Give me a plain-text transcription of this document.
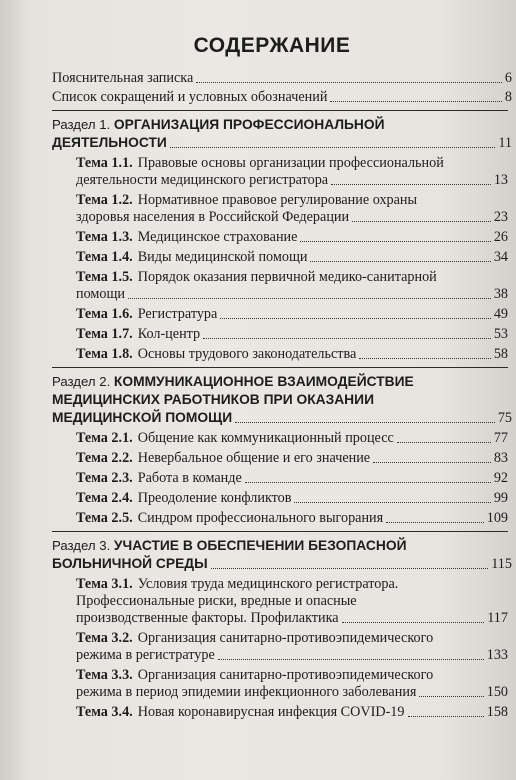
СОДЕРЖАНИЕ
Пояснительная записка	6
Список сокращений и условных обозначений	8
Раздел 1. ОРГАНИЗАЦИЯ ПРОФЕССИОНАЛЬНОЙ
ДЕЯТЕЛЬНОСТИ	11
Тема 1.1. Правовые основы организации профессиональной
деятельности медицинского регистратора	13
Тема 1.2. Нормативное правовое регулирование охраны
здоровья населения в Российской Федерации	23
Тема 1.3. Медицинское страхование	26
Тема 1.4. Виды медицинской помощи	34
Тема 1.5. Порядок оказания первичной медико-санитарной
помощи	38
Тема 1.6. Регистратура	49
Тема 1.7. Кол-центр	53
Тема 1.8. Основы трудового законодательства	58
Раздел 2. КОММУНИКАЦИОННОЕ ВЗАИМОДЕЙСТВИЕ
МЕДИЦИНСКИХ РАБОТНИКОВ ПРИ ОКАЗАНИИ
МЕДИЦИНСКОЙ ПОМОЩИ	75
Тема 2.1. Общение как коммуникационный процесс	77
Тема 2.2. Невербальное общение и его значение	83
Тема 2.3. Работа в команде	92
Тема 2.4. Преодоление конфликтов	99
Тема 2.5. Синдром профессионального выгорания	109
Раздел 3. УЧАСТИЕ В ОБЕСПЕЧЕНИИ БЕЗОПАСНОЙ
БОЛЬНИЧНОЙ СРЕДЫ	115
Тема 3.1. Условия труда медицинского регистратора.
Профессиональные риски, вредные и опасные
производственные факторы. Профилактика	117
Тема 3.2. Организация санитарно-противоэпидемического
режима в регистратуре	133
Тема 3.3. Организация санитарно-противоэпидемического
режима в период эпидемии инфекционного заболевания	150
Тема 3.4. Новая коронавирусная инфекция COVID-19	158
